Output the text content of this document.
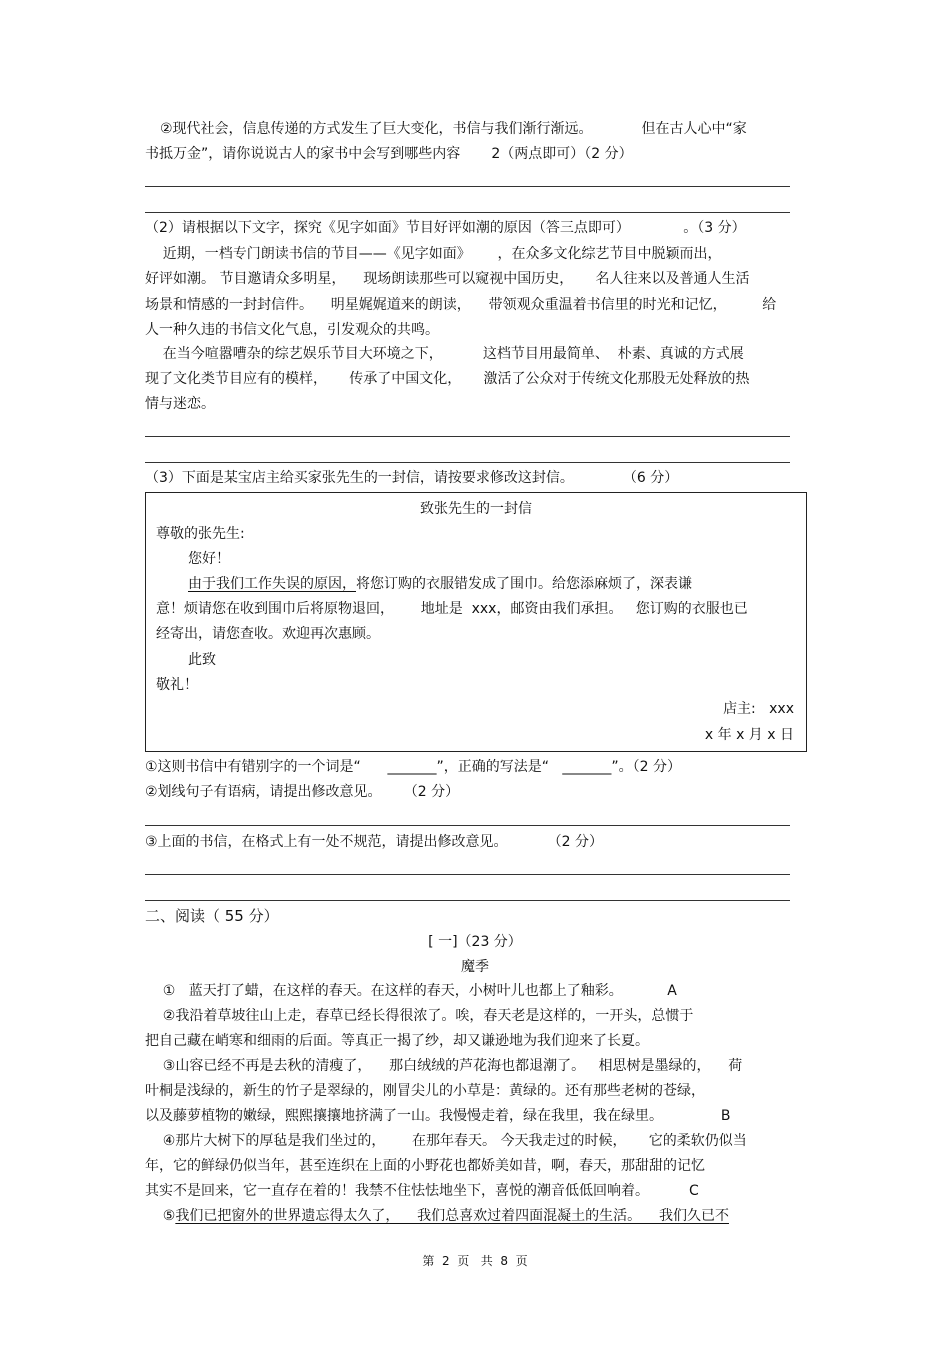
②现代社会，信息传递的方式发生了巨大变化，书信与我们渐行渐远。           但在古人心中“家
书抵万金”，请你说说古人的家书中会写到哪些内容       2（两点即可）（2 分）
（2）请根据以下文字，探究《见字如面》节目好评如潮的原因（答三点即可）            。（3 分）
近期，一档专门朗读书信的节目——《见字如面》      ，在众多文化综艺节目中脱颖而出，
好评如潮。 节目邀请众多明星，    现场朗读那些可以窥视中国历史，     名人往来以及普通人生活
场景和情感的一封封信件。    明星娓娓道来的朗读，    带领观众重温着书信里的时光和记忆，        给
人一种久违的书信文化气息，引发观众的共鸣。
在当今喧嚣嘈杂的综艺娱乐节目大环境之下，         这档节目用最简单、  朴素、真诚的方式展
现了文化类节目应有的模样，     传承了中国文化，     激活了公众对于传统文化那股无处释放的热
情与迷恋。
（3）下面是某宝店主给买家张先生的一封信，请按要求修改这封信。           （6 分）
致张先生的一封信
尊敬的张先生:
您好！
由于我们工作失误的原因，将您订购的衣服错发成了围巾。给您添麻烦了，深表谦
意！烦请您在收到围巾后将原物退回，      地址是  xxx，邮资由我们承担。   您订购的衣服也已
经寄出，请您查收。欢迎再次惠顾。
此致
敬礼！
店主:   xxx
x 年 x 月 x 日
①这则书信中有错别字的一个词是“      _______”，正确的写法是“   _______”。（2 分）
②划线句子有语病，请提出修改意见。     （2 分）
③上面的书信，在格式上有一处不规范，请提出修改意见。         （2 分）
二、阅读（ 55 分）
[ 一]（23 分）
魔季
①   蓝天打了蜡，在这样的春天。在这样的春天，小树叶儿也都上了釉彩。          A
②我沿着草坡往山上走，春草已经长得很浓了。唉，春天老是这样的，一开头，总惯于
把自己藏在峭寒和细雨的后面。等真正一揭了纱，却又谦逊地为我们迎来了长夏。
③山容已经不再是去秋的清瘦了，    那白绒绒的芦花海也都退潮了。   相思树是墨绿的，    荷
叶桐是浅绿的，新生的竹子是翠绿的，刚冒尖儿的小草是：黄绿的。还有那些老树的苍绿，
以及藤萝植物的嫩绿，熙熙攘攘地挤满了一山。我慢慢走着，绿在我里，我在绿里。             B
④那片大树下的厚毡是我们坐过的，      在那年春天。 今天我走过的时候，     它的柔软仍似当
年，它的鲜绿仍似当年，甚至连织在上面的小野花也都娇美如昔，啊，春天，那甜甜的记忆
其实不是回来，它一直存在着的！我禁不住怯怯地坐下，喜悦的潮音低低回响着。         C
⑤我们已把窗外的世界遗忘得太久了，    我们总喜欢过着四面混凝土的生活。    我们久已不
第  2  页   共  8  页
